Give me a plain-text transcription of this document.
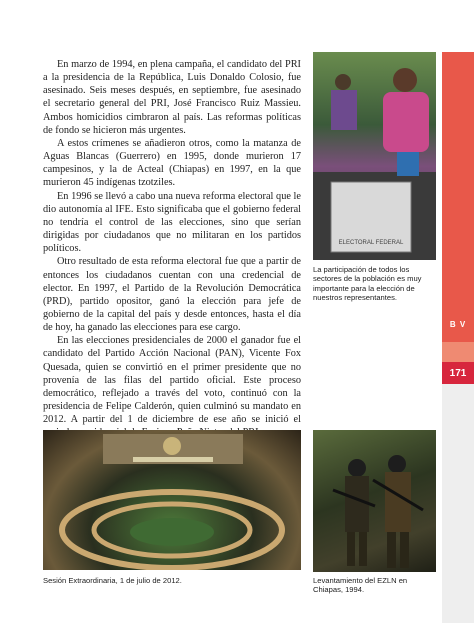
B V
171

En marzo de 1994, en plena campaña, el candidato del PRI a la presidencia de la República, Luis Donaldo Colosio, fue asesinado. Seis meses después, en septiembre, fue asesinado el secretario general del PRI, José Francisco Ruiz Massieu. Ambos homicidios cimbraron al país. Las reformas políticas de fondo se hicieron más urgentes.

A estos crímenes se añadieron otros, como la matanza de Aguas Blancas (Guerrero) en 1995, donde murieron 17 campesinos, y la de Acteal (Chiapas) en 1997, en la que murieron 45 indígenas tzotziles.

En 1996 se llevó a cabo una nueva reforma electoral que le dio autonomía al IFE. Esto significaba que el gobierno federal no tendría el control de las elecciones, sino que serían dirigidas por ciudadanos que no militaran en los partidos políticos.

Otro resultado de esta reforma electoral fue que a partir de entonces los ciudadanos cuentan con una credencial de elector. En 1997, el Partido de la Revolución Democrática (PRD), partido opositor, ganó la elección para jefe de gobierno de la capital del país y desde entonces, hasta el día de hoy, ha ganado las elecciones para ese cargo.

En las elecciones presidenciales de 2000 el ganador fue el candidato del Partido Acción Nacional (PAN), Vicente Fox Quesada, quien se convirtió en el primer presidente que no provenía de las filas del partido oficial. Este proceso democrático, reflejado a través del voto, continuó con la presidencia de Felipe Calderón, quien culminó su mandato en 2012. A partir del 1 de diciembre de ese año se inició el

ELECTORAL FEDERAL
La participación de todos los sectores de la población es muy importante para la elección de nuestros representantes.
Sesión Extraordinaria, 1 de julio de 2012.	Levantamiento del EZLN en Chiapas, 1994.
